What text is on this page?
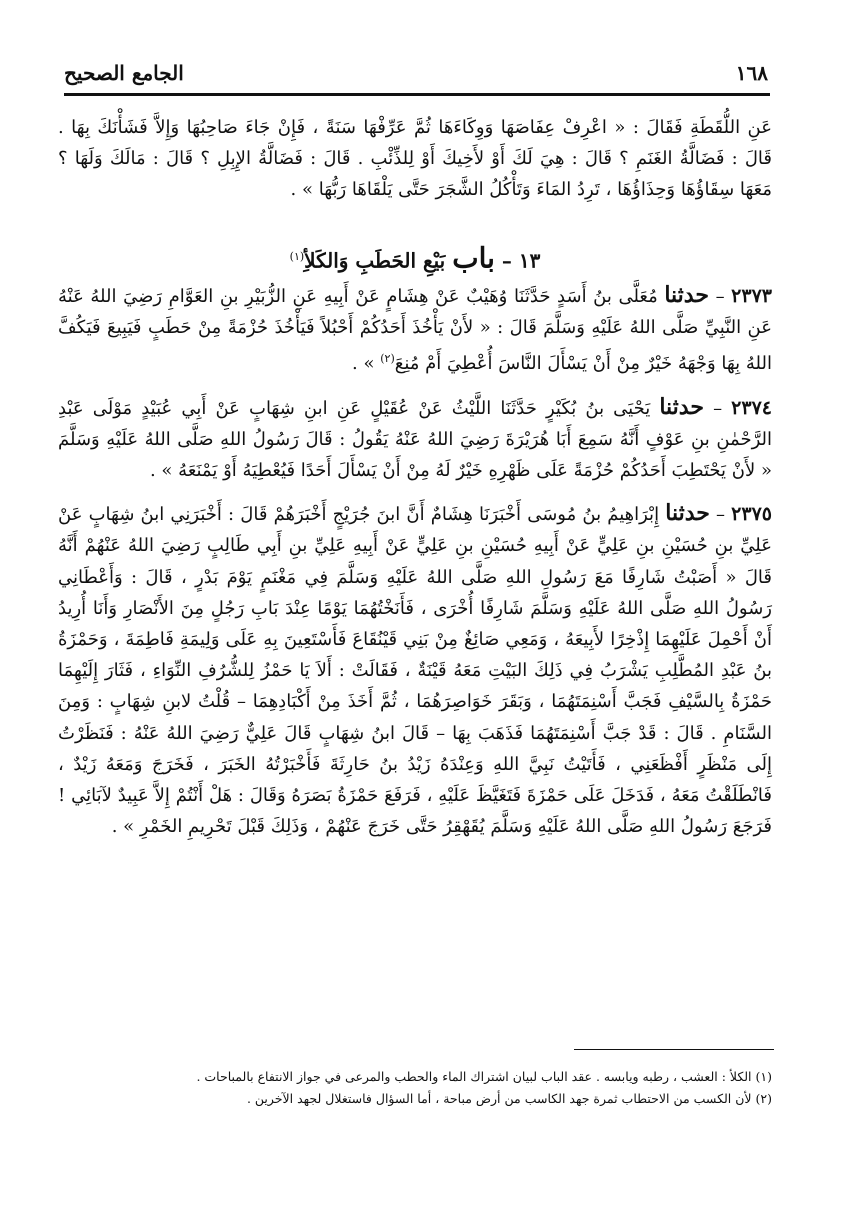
١٦٨
الجامع الصحيح

عَنِ اللُّقَطَةِ فَقَالَ : « اعْرِفْ عِفَاصَهَا وَوِكَاءَهَا ثُمَّ عَرِّفْهَا سَنَةً ، فَإِنْ جَاءَ صَاحِبُهَا وَإِلاَّ فَشَأْنَكَ بِهَا . قَالَ : فَضَالَّةُ الغَنَمِ ؟ قَالَ : هِيَ لَكَ أَوْ لأَخِيكَ أَوْ لِلذِّئْبِ . قَالَ : فَضَالَّةُ الإِبِلِ ؟ قَالَ : مَالَكَ وَلَهَا ؟ مَعَهَا سِقَاؤُهَا وَحِذَاؤُهَا ، تَرِدُ المَاءَ وَتَأْكُلُ الشَّجَرَ حَتَّى يَلْقَاهَا رَبُّهَا » .

١٣ – باب بَيْعِ الحَطَبِ وَالكَلأِ$^{(١)}$

٢٣٧٣ – حدثنا مُعَلَّى بنُ أَسَدٍ حَدَّثَنَا وُهَيْبٌ عَنْ هِشَامٍ عَنْ أَبِيهِ عَنِ الزُّبَيْرِ بنِ العَوَّامِ رَضِيَ اللهُ عَنْهُ عَنِ النَّبِيِّ صَلَّى اللهُ عَلَيْهِ وَسَلَّمَ قَالَ : « لأَنْ يَأْخُذَ أَحَدُكُمْ أَحْبُلاً فَيَأْخُذَ حُزْمَةً مِنْ حَطَبٍ فَيَبِيعَ فَيَكُفَّ اللهُ بِهَا وَجْهَهُ خَيْرٌ مِنْ أَنْ يَسْأَلَ النَّاسَ أُعْطِيَ أَمْ مُنِعَ$^{(٢)}$ » .

٢٣٧٤ – حدثنا يَحْيَى بنُ بُكَيْرٍ حَدَّثَنَا اللَّيْثُ عَنْ عُقَيْلٍ عَنِ ابنِ شِهَابٍ عَنْ أَبِي عُبَيْدٍ مَوْلَى عَبْدِ الرَّحْمٰنِ بنِ عَوْفٍ أَنَّهُ سَمِعَ أَبَا هُرَيْرَةَ رَضِيَ اللهُ عَنْهُ يَقُولُ : قَالَ رَسُولُ اللهِ صَلَّى اللهُ عَلَيْهِ وَسَلَّمَ « لأَنْ يَحْتَطِبَ أَحَدُكُمْ حُزْمَةً عَلَى ظَهْرِهِ خَيْرٌ لَهُ مِنْ أَنْ يَسْأَلَ أَحَدًا فَيُعْطِيَهُ أَوْ يَمْنَعَهُ » .

٢٣٧٥ – حدثنا إِبْرَاهِيمُ بنُ مُوسَى أَخْبَرَنَا هِشَامٌ أَنَّ ابنَ جُرَيْجٍ أَخْبَرَهُمْ قَالَ : أَخْبَرَنِي ابنُ شِهَابٍ عَنْ عَلِيِّ بنِ حُسَيْنِ بنِ عَلِيٍّ عَنْ أَبِيهِ حُسَيْنِ بنِ عَلِيٍّ عَنْ أَبِيهِ عَلِيِّ بنِ أَبِي طَالِبٍ رَضِيَ اللهُ عَنْهُمْ أَنَّهُ قَالَ « أَصَبْتُ شَارِفًا مَعَ رَسُولِ اللهِ صَلَّى اللهُ عَلَيْهِ وَسَلَّمَ فِي مَغْنَمٍ يَوْمَ بَدْرٍ ، قَالَ : وَأَعْطَانِي رَسُولُ اللهِ صَلَّى اللهُ عَلَيْهِ وَسَلَّمَ شَارِفًا أُخْرَى ، فَأَنَخْتُهُمَا يَوْمًا عِنْدَ بَابِ رَجُلٍ مِنَ الأَنْصَارِ وَأَنَا أُرِيدُ أَنْ أَحْمِلَ عَلَيْهِمَا إِذْخِرًا لأَبِيعَهُ ، وَمَعِي صَائِغٌ مِنْ بَنِي قَيْنُقَاعَ فَأَسْتَعِينَ بِهِ عَلَى وَلِيمَةِ فَاطِمَةَ ، وَحَمْزَةُ بنُ عَبْدِ المُطَّلِبِ يَشْرَبُ فِي ذَلِكَ البَيْتِ مَعَهُ قَيْنَةٌ ، فَقَالَتْ : أَلاَ يَا حَمْزُ لِلشُّرُفِ النِّوَاءِ ، فَثَارَ إِلَيْهِمَا حَمْزَةُ بِالسَّيْفِ فَجَبَّ أَسْنِمَتَهُمَا ، وَبَقَرَ خَوَاصِرَهُمَا ، ثُمَّ أَخَذَ مِنْ أَكْبَادِهِمَا – قُلْتُ لابنِ شِهَابٍ : وَمِنَ السَّنَامِ . قَالَ : قَدْ جَبَّ أَسْنِمَتَهُمَا فَذَهَبَ بِهَا – قَالَ ابنُ شِهَابٍ قَالَ عَلِيٌّ رَضِيَ اللهُ عَنْهُ : فَنَظَرْتُ إِلَى مَنْظَرٍ أَفْظَعَنِي ، فَأَتَيْتُ نَبِيَّ اللهِ وَعِنْدَهُ زَيْدُ بنُ حَارِثَةَ فَأَخْبَرْتُهُ الخَبَرَ ، فَخَرَجَ وَمَعَهُ زَيْدٌ ، فَانْطَلَقْتُ مَعَهُ ، فَدَخَلَ عَلَى حَمْزَةَ فَتَغَيَّظَ عَلَيْهِ ، فَرَفَعَ حَمْزَةُ بَصَرَهُ وَقَالَ : هَلْ أَنْتُمْ إِلاَّ عَبِيدٌ لآبَائِي ! فَرَجَعَ رَسُولُ اللهِ صَلَّى اللهُ عَلَيْهِ وَسَلَّمَ يُقَهْقِرُ حَتَّى خَرَجَ عَنْهُمْ ، وَذَلِكَ قَبْلَ تَحْرِيمِ الخَمْرِ » .

(١) الكلأ : العشب ، رطبه ويابسه . عقد الباب لبيان اشتراك الماء والحطب والمرعى في جواز الانتفاع بالمباحات .

(٢) لأن الكسب من الاحتطاب ثمرة جهد الكاسب من أرض مباحة ، أما السؤال فاستغلال لجهد الآخرين .
